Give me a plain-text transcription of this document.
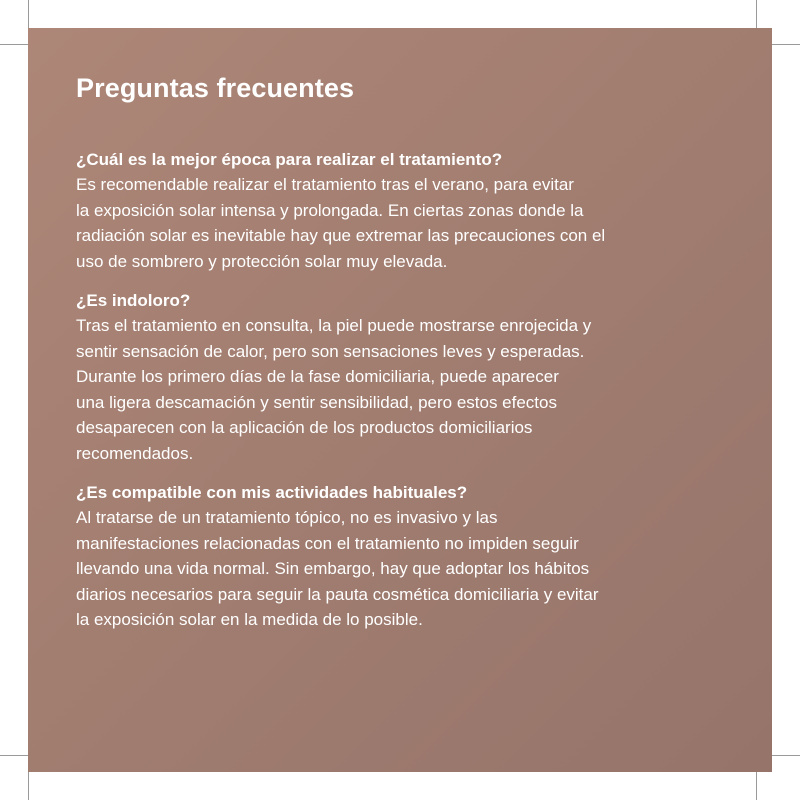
Preguntas frecuentes
¿Cuál es la mejor época para realizar el tratamiento?
Es recomendable realizar el tratamiento tras el verano, para evitar
la exposición solar intensa y prolongada. En ciertas zonas donde la
radiación solar es inevitable hay que extremar las precauciones con el
uso de sombrero y protección solar muy elevada.
¿Es indoloro?
Tras el tratamiento en consulta, la piel puede mostrarse enrojecida y
sentir sensación de calor, pero son sensaciones leves y esperadas.
Durante los primero días de la fase domiciliaria, puede aparecer
una ligera descamación y sentir sensibilidad, pero estos efectos
desaparecen con la aplicación de los productos domiciliarios
recomendados.
¿Es compatible con mis actividades habituales?
Al tratarse de un tratamiento tópico, no es invasivo y las
manifestaciones relacionadas con el tratamiento no impiden seguir
llevando una vida normal. Sin embargo, hay que adoptar los hábitos
diarios necesarios para seguir la pauta cosmética domiciliaria y evitar
la exposición solar en la medida de lo posible.
